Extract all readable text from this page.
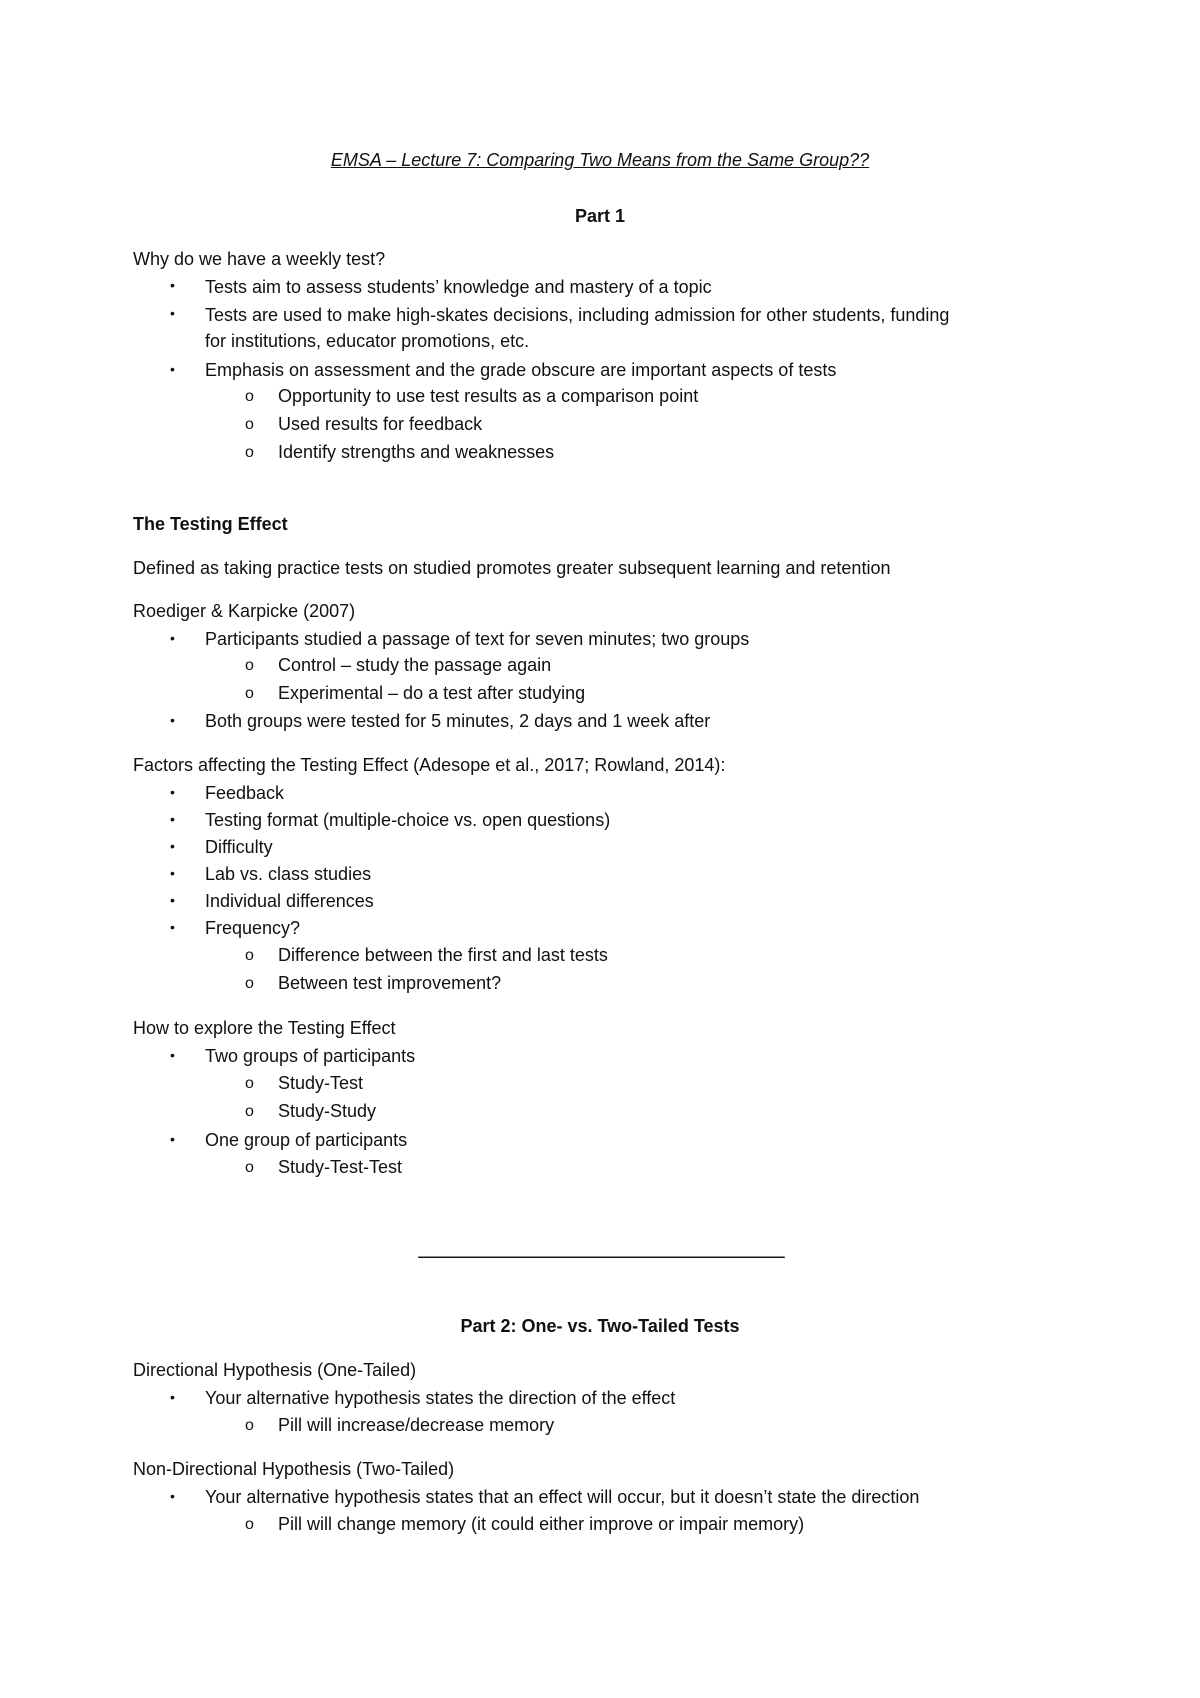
EMSA – Lecture 7: Comparing Two Means from the Same Group??
Part 1
Why do we have a weekly test?
• Tests aim to assess students’ knowledge and mastery of a topic
• Tests are used to make high-skates decisions, including admission for other students, funding
for institutions, educator promotions, etc.
• Emphasis on assessment and the grade obscure are important aspects of tests
o Opportunity to use test results as a comparison point
o Used results for feedback
o Identify strengths and weaknesses
The Testing Effect
Defined as taking practice tests on studied promotes greater subsequent learning and retention
Roediger & Karpicke (2007)
• Participants studied a passage of text for seven minutes; two groups
o Control – study the passage again
o Experimental – do a test after studying
• Both groups were tested for 5 minutes, 2 days and 1 week after
Factors affecting the Testing Effect (Adesope et al., 2017; Rowland, 2014):
• Feedback
• Testing format (multiple-choice vs. open questions)
• Difficulty
• Lab vs. class studies
• Individual differences
• Frequency?
o Difference between the first and last tests
o Between test improvement?
How to explore the Testing Effect
• Two groups of participants
o Study-Test
o Study-Study
• One group of participants
o Study-Test-Test
--------------------------------------------------------------------------------------------------------------------------
Part 2: One- vs. Two-Tailed Tests
Directional Hypothesis (One-Tailed)
• Your alternative hypothesis states the direction of the effect
o Pill will increase/decrease memory
Non-Directional Hypothesis (Two-Tailed)
• Your alternative hypothesis states that an effect will occur, but it doesn’t state the direction
o Pill will change memory (it could either improve or impair memory)
